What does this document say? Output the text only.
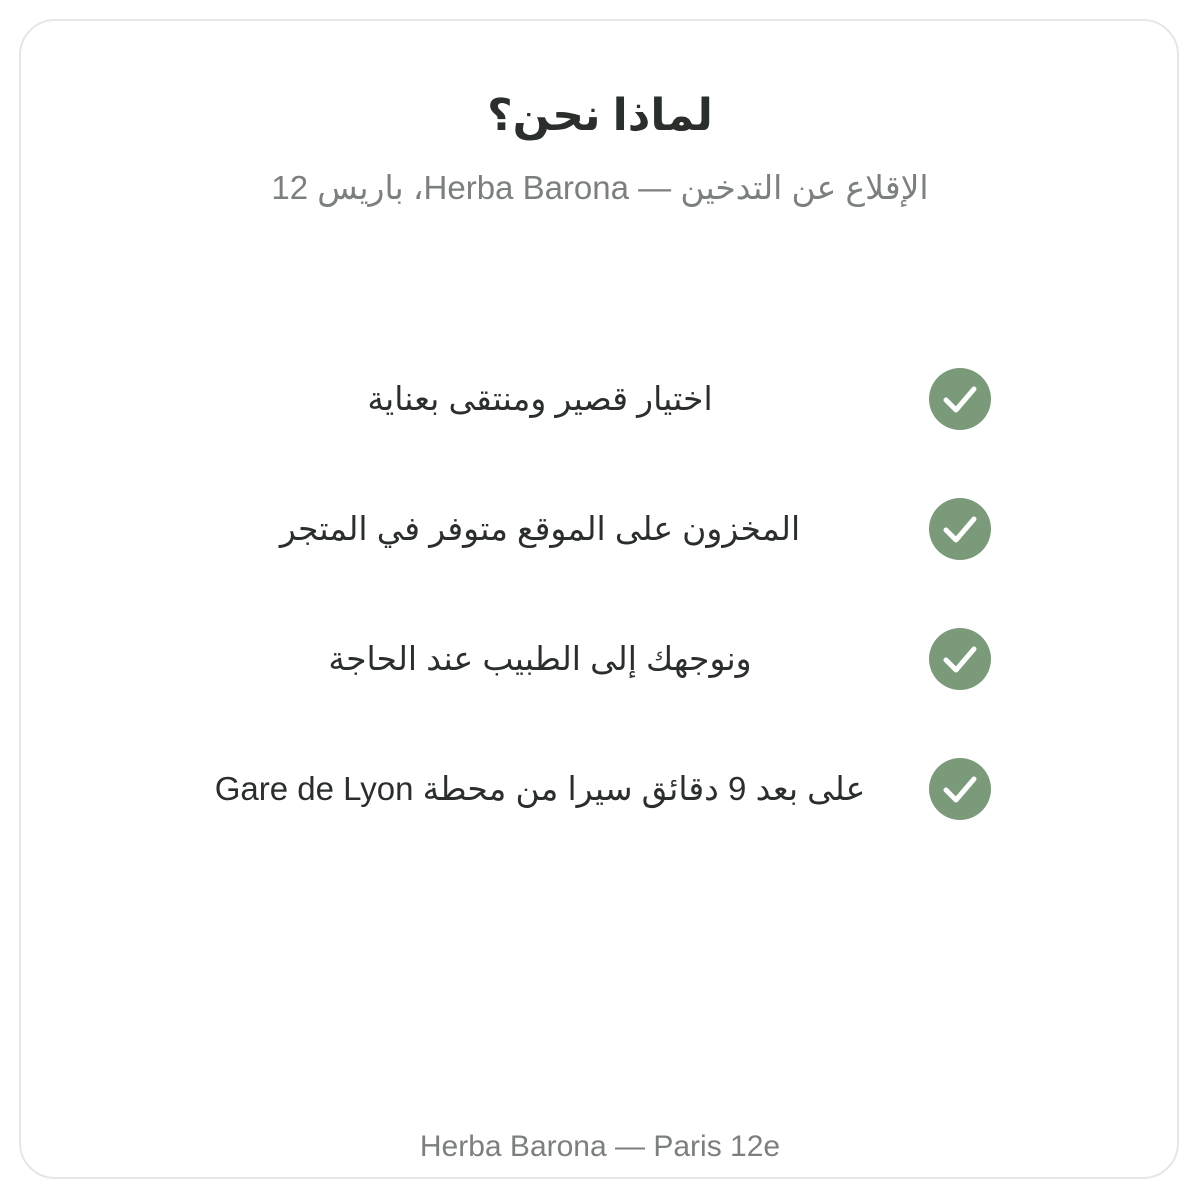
لماذا نحن؟
الإقلاع عن التدخين — Herba Barona، باريس 12
اختيار قصير ومنتقى بعناية
المخزون على الموقع متوفر في المتجر
ونوجهك إلى الطبيب عند الحاجة
على بعد 9 دقائق سيرا من محطة Gare de Lyon
Herba Barona — Paris 12e
